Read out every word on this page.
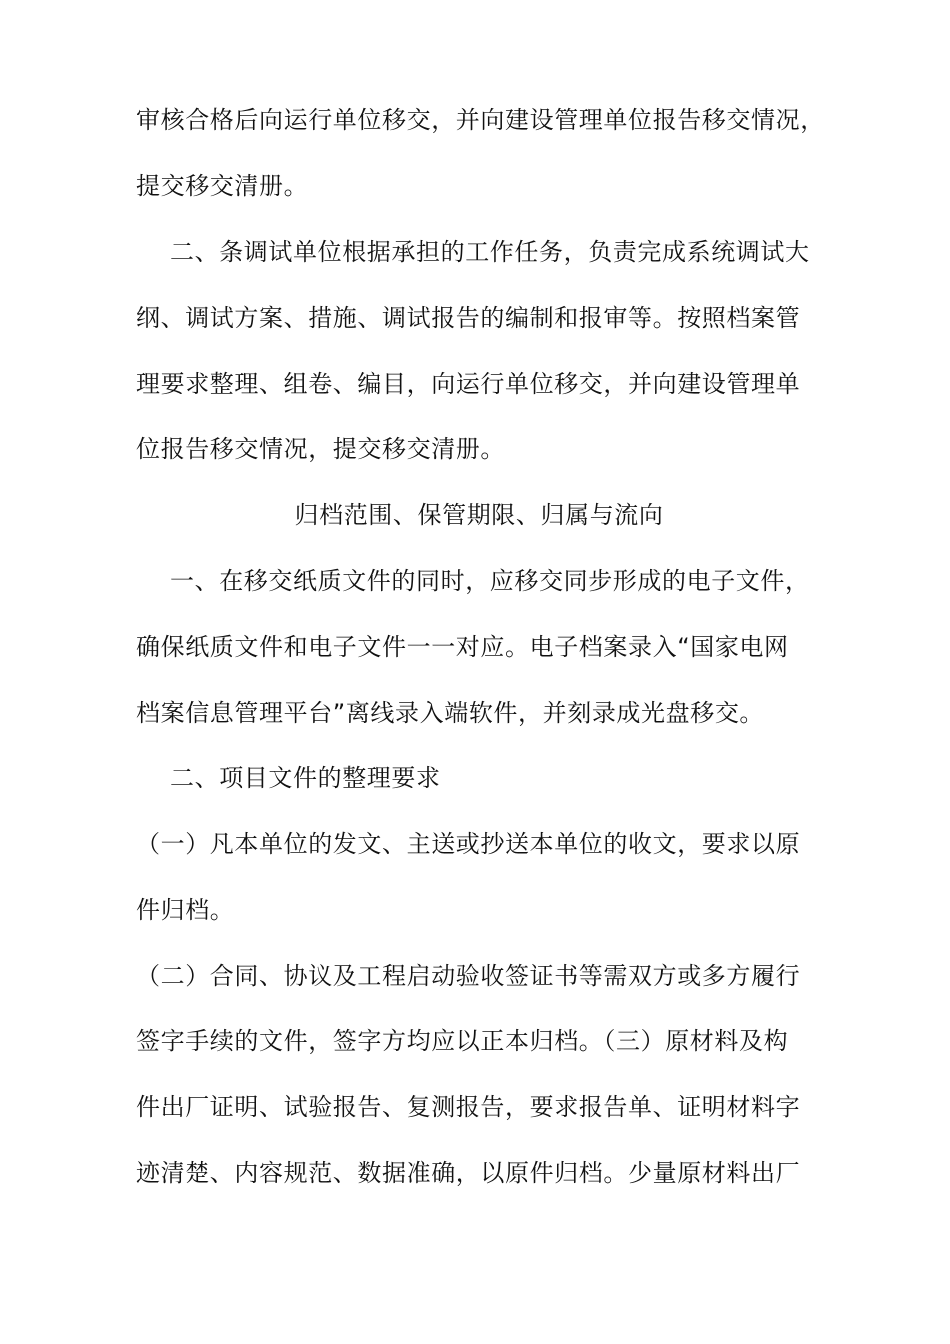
审核合格后向运行单位移交，并向建设管理单位报告移交情况，
提交移交清册。
二、条调试单位根据承担的工作任务，负责完成系统调试大
纲、调试方案、措施、调试报告的编制和报审等。按照档案管
理要求整理、组卷、编目，向运行单位移交，并向建设管理单
位报告移交情况，提交移交清册。
归档范围、保管期限、归属与流向
一、在移交纸质文件的同时，应移交同步形成的电子文件，
确保纸质文件和电子文件一一对应。电子档案录入“国家电网
档案信息管理平台”离线录入端软件，并刻录成光盘移交。
二、项目文件的整理要求
（一）凡本单位的发文、主送或抄送本单位的收文，要求以原
件归档。
（二）合同、协议及工程启动验收签证书等需双方或多方履行
签字手续的文件，签字方均应以正本归档。（三）原材料及构
件出厂证明、试验报告、复测报告，要求报告单、证明材料字
迹清楚、内容规范、数据准确，以原件归档。少量原材料出厂
